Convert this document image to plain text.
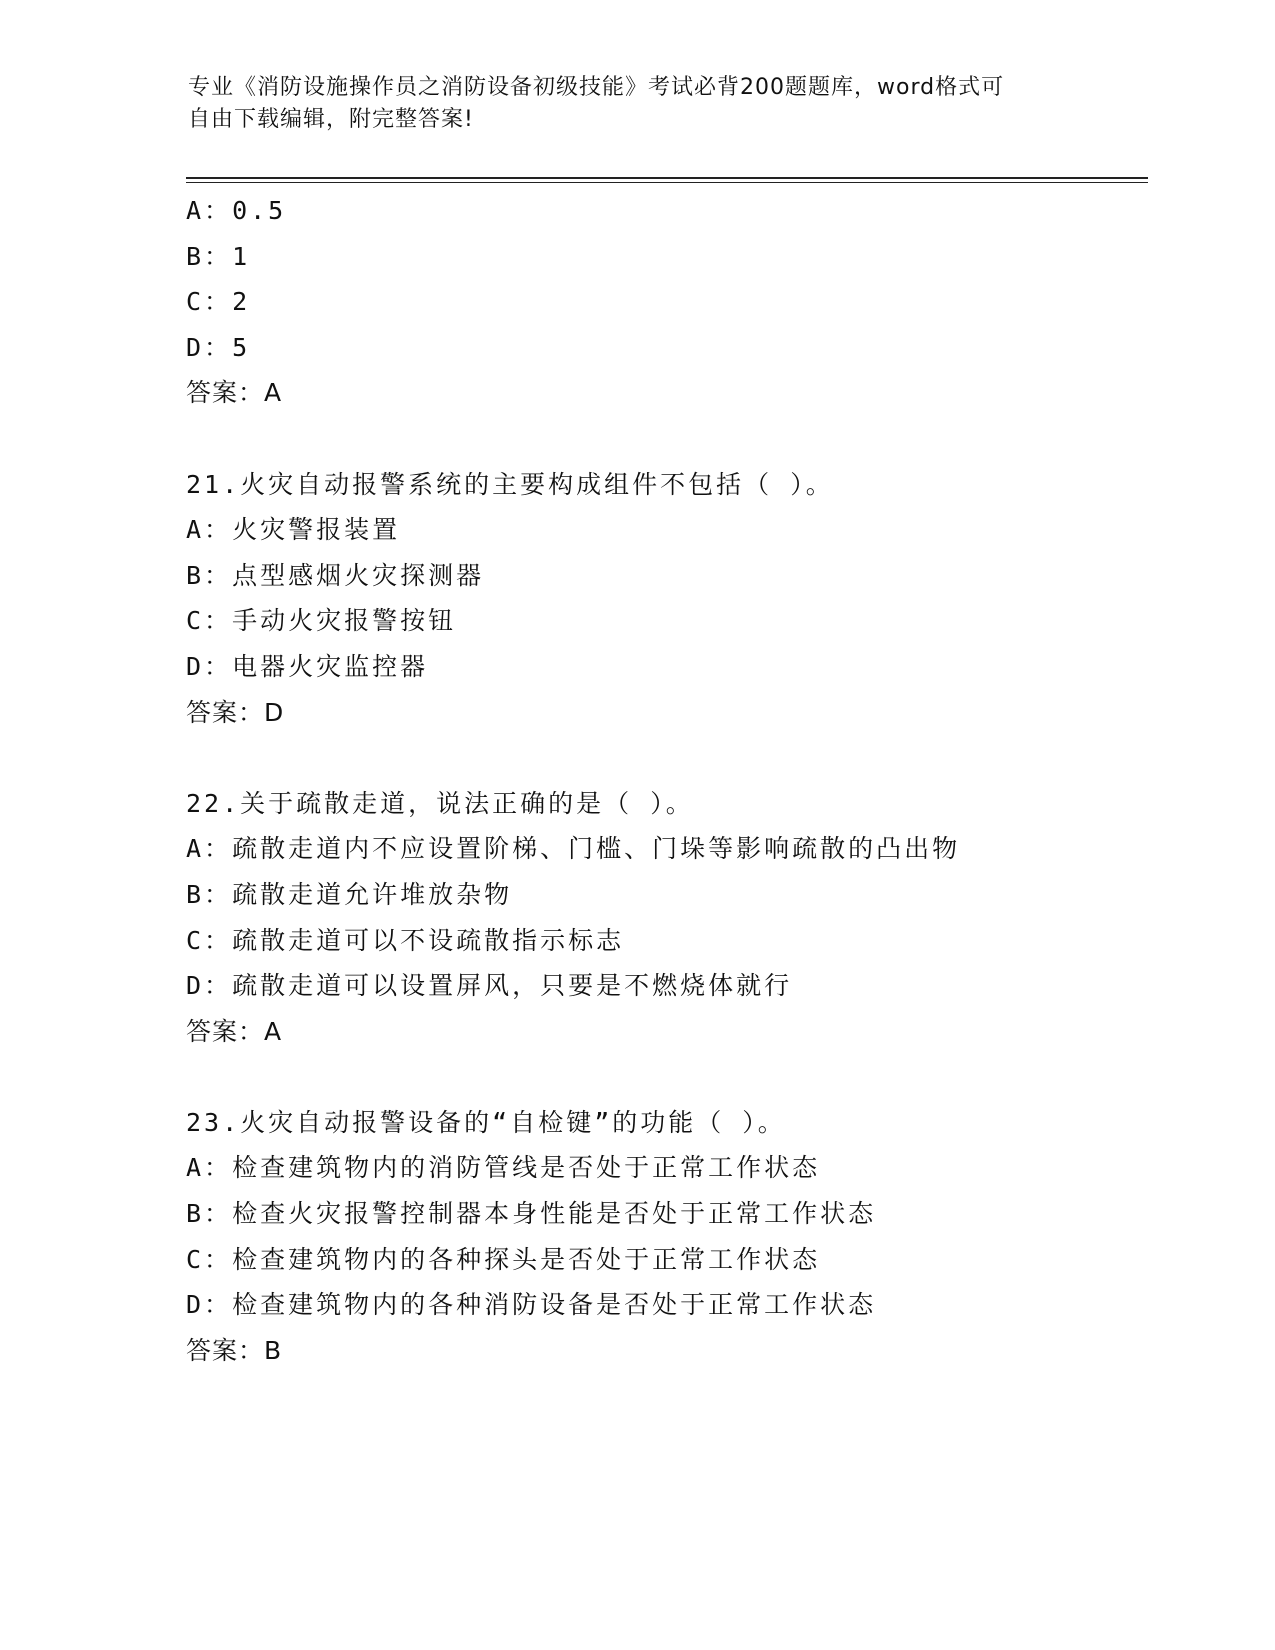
专业《消防设施操作员之消防设备初级技能》考试必背200题题库，word格式可
自由下载编辑，附完整答案!
A：0.5
B：1
C：2
D：5
答案：A
21.火灾自动报警系统的主要构成组件不包括（ ）。
A：火灾警报装置
B：点型感烟火灾探测器
C：手动火灾报警按钮
D：电器火灾监控器
答案：D
22.关于疏散走道，说法正确的是（ ）。
A：疏散走道内不应设置阶梯、门槛、门垛等影响疏散的凸出物
B：疏散走道允许堆放杂物
C：疏散走道可以不设疏散指示标志
D：疏散走道可以设置屏风，只要是不燃烧体就行
答案：A
23.火灾自动报警设备的“自检键”的功能（ ）。
A：检查建筑物内的消防管线是否处于正常工作状态
B：检查火灾报警控制器本身性能是否处于正常工作状态
C：检查建筑物内的各种探头是否处于正常工作状态
D：检查建筑物内的各种消防设备是否处于正常工作状态
答案：B
